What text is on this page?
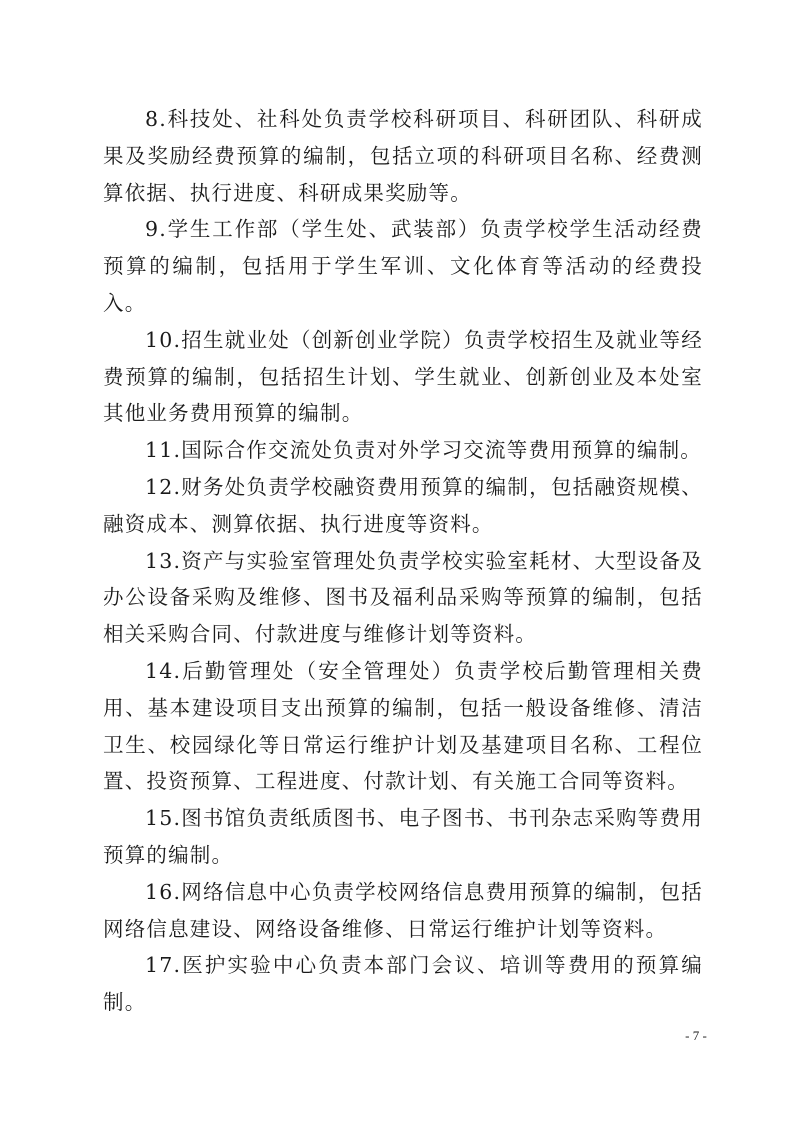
8.科技处、社科处负责学校科研项目、科研团队、科研成果及奖励经费预算的编制，包括立项的科研项目名称、经费测算依据、执行进度、科研成果奖励等。

9.学生工作部（学生处、武装部）负责学校学生活动经费预算的编制，包括用于学生军训、文化体育等活动的经费投入。

10.招生就业处（创新创业学院）负责学校招生及就业等经费预算的编制，包括招生计划、学生就业、创新创业及本处室其他业务费用预算的编制。

11.国际合作交流处负责对外学习交流等费用预算的编制。

12.财务处负责学校融资费用预算的编制，包括融资规模、融资成本、测算依据、执行进度等资料。

13.资产与实验室管理处负责学校实验室耗材、大型设备及办公设备采购及维修、图书及福利品采购等预算的编制，包括相关采购合同、付款进度与维修计划等资料。

14.后勤管理处（安全管理处）负责学校后勤管理相关费用、基本建设项目支出预算的编制，包括一般设备维修、清洁卫生、校园绿化等日常运行维护计划及基建项目名称、工程位置、投资预算、工程进度、付款计划、有关施工合同等资料。

15.图书馆负责纸质图书、电子图书、书刊杂志采购等费用预算的编制。

16.网络信息中心负责学校网络信息费用预算的编制，包括网络信息建设、网络设备维修、日常运行维护计划等资料。

17.医护实验中心负责本部门会议、培训等费用的预算编制。

- 7 -
